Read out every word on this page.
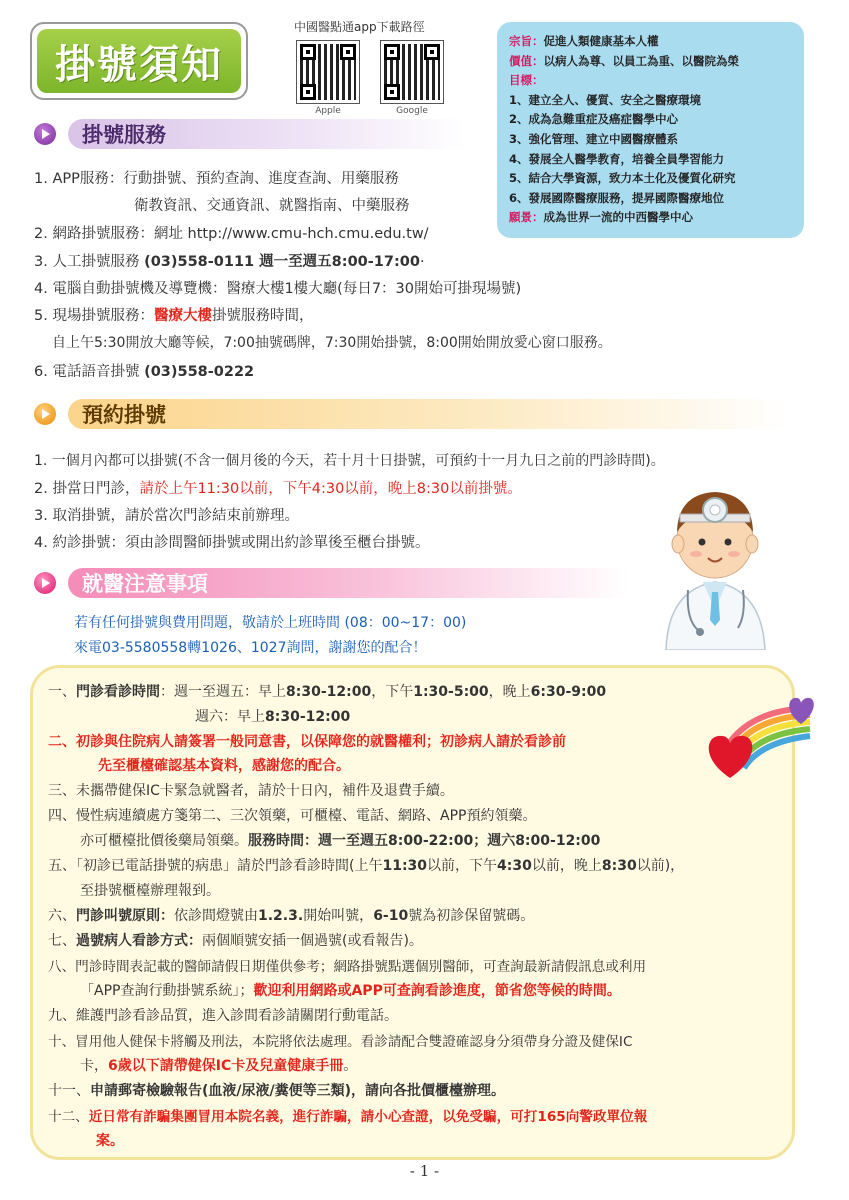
掛號須知
中國醫點通app下載路徑
Apple	Google
宗旨：促進人類健康基本人權
價值：以病人為尊、以員工為重、以醫院為榮
目標：
1、建立全人、優質、安全之醫療環境
2、成為急難重症及癌症醫學中心
3、強化管理、建立中國醫療體系
4、發展全人醫學教育，培養全員學習能力
5、結合大學資源，致力本土化及優質化研究
6、發展國際醫療服務，提昇國際醫療地位
願景：成為世界一流的中西醫學中心
掛號服務
1. APP服務：行動掛號、預約查詢、進度查詢、用藥服務
衛教資訊、交通資訊、就醫指南、中藥服務
2. 網路掛號服務：網址 http://www.cmu-hch.cmu.edu.tw/
3. 人工掛號服務 (03)558-0111 週一至週五8:00-17:00·
4. 電腦自動掛號機及導覽機：醫療大樓1樓大廳(每日7：30開始可掛現場號)
5. 現場掛號服務：醫療大樓掛號服務時間，
自上午5:30開放大廳等候，7:00抽號碼牌，7:30開始掛號，8:00開始開放愛心窗口服務。
6. 電話語音掛號 (03)558-0222
預約掛號
1. 一個月內都可以掛號(不含一個月後的今天，若十月十日掛號，可預約十一月九日之前的門診時間)。
2. 掛當日門診，請於上午11:30以前，下午4:30以前，晚上8:30以前掛號。
3. 取消掛號，請於當次門診結束前辦理。
4. 約診掛號：須由診間醫師掛號或開出約診單後至櫃台掛號。
就醫注意事項
若有任何掛號與費用問題，敬請於上班時間 (08：00~17：00)
來電03-5580558轉1026、1027詢問，謝謝您的配合！
一、門診看診時間：週一至週五：早上8:30-12:00，下午1:30-5:00，晚上6:30-9:00
週六：早上8:30-12:00
二、初診與住院病人請簽署一般同意書，以保障您的就醫權利；初診病人請於看診前
先至櫃檯確認基本資料，感謝您的配合。
三、未攜帶健保IC卡緊急就醫者，請於十日內，補件及退費手續。
四、慢性病連續處方箋第二、三次領藥，可櫃檯、電話、網路、APP預約領藥。
亦可櫃檯批價後藥局領藥。服務時間：週一至週五8:00-22:00；週六8:00-12:00
五、「初診已電話掛號的病患」請於門診看診時間(上午11:30以前，下午4:30以前，晚上8:30以前)，
至掛號櫃檯辦理報到。
六、門診叫號原則：依診間燈號由1.2.3.開始叫號，6-10號為初診保留號碼。
七、過號病人看診方式：兩個順號安插一個過號(或看報告)。
八、門診時間表記載的醫師請假日期僅供參考；網路掛號點選個別醫師，可查詢最新請假訊息或利用
「APP查詢行動掛號系統」；歡迎利用網路或APP可查詢看診進度，節省您等候的時間。
九、維護門診看診品質，進入診間看診請關閉行動電話。
十、冒用他人健保卡將觸及刑法，本院將依法處理。看診請配合雙證確認身分須帶身分證及健保IC
卡，6歲以下請帶健保IC卡及兒童健康手冊。
十一、申請郵寄檢驗報告(血液/尿液/糞便等三類)，請向各批價櫃檯辦理。
十二、近日常有詐騙集團冒用本院名義，進行詐騙，請小心查證，以免受騙，可打165向警政單位報
案。
- 1 -
